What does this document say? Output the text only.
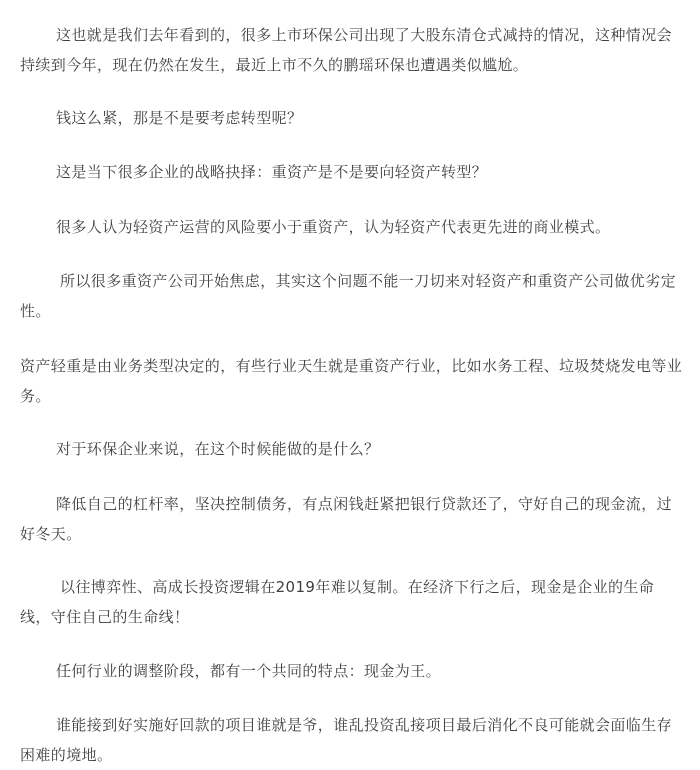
这也就是我们去年看到的，很多上市环保公司出现了大股东清仓式减持的情况，这种情况会持续到今年，现在仍然在发生，最近上市不久的鹏瑶环保也遭遇类似尴尬。

钱这么紧，那是不是要考虑转型呢？

这是当下很多企业的战略抉择：重资产是不是要向轻资产转型？

很多人认为轻资产运营的风险要小于重资产，认为轻资产代表更先进的商业模式。

所以很多重资产公司开始焦虑，其实这个问题不能一刀切来对轻资产和重资产公司做优劣定性。

资产轻重是由业务类型决定的，有些行业天生就是重资产行业，比如水务工程、垃圾焚烧发电等业务。

对于环保企业来说，在这个时候能做的是什么？

降低自己的杠杆率，坚决控制债务，有点闲钱赶紧把银行贷款还了，守好自己的现金流，过好冬天。

以往博弈性、高成长投资逻辑在2019年难以复制。在经济下行之后，现金是企业的生命线，守住自己的生命线！

任何行业的调整阶段，都有一个共同的特点：现金为王。

谁能接到好实施好回款的项目谁就是爷，谁乱投资乱接项目最后消化不良可能就会面临生存困难的境地。
